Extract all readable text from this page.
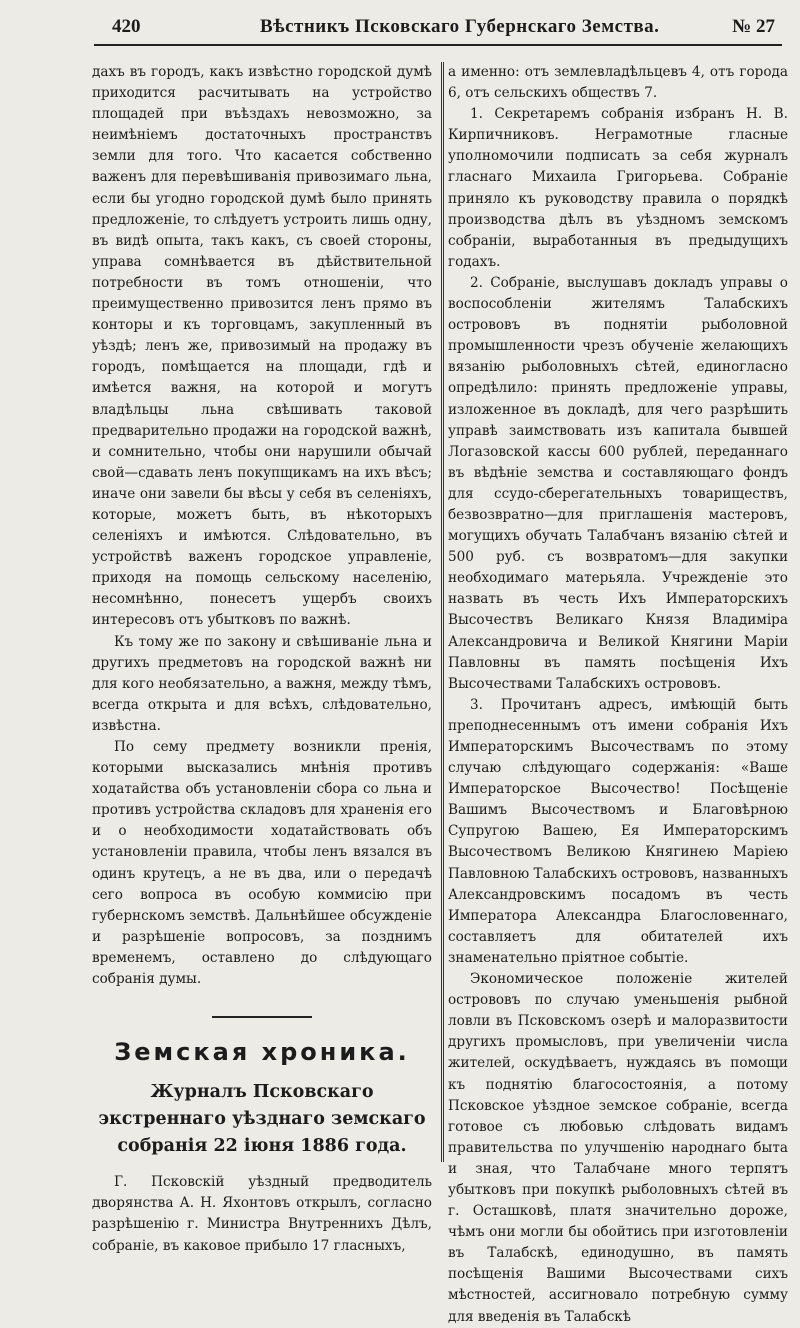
420	Вѣстникъ Псковскаго Губернскаго Земства.	№ 27

дахъ въ городъ, какъ извѣстно городской думѣ приходится расчитывать на устройство площадей при въѣздахъ невозможно, за неимѣніемъ достаточныхъ пространствъ земли для того. Что касается собственно важенъ для перевѣшиванія привозимаго льна, если бы угодно городской думѣ было принять предложеніе, то слѣдуетъ устроить лишь одну, въ видѣ опыта, такъ какъ, съ своей стороны, управа сомнѣвается въ дѣйствительной потребности въ томъ отношеніи, что преимущественно привозится ленъ прямо въ конторы и къ торговцамъ, закупленный въ уѣздѣ; ленъ же, привозимый на продажу въ городъ, помѣщается на площади, гдѣ и имѣется важня, на которой и могутъ владѣльцы льна свѣшивать таковой предварительно продажи на городской важнѣ, и сомнительно, чтобы они нарушили обычай свой—сдавать ленъ покупщикамъ на ихъ вѣсъ; иначе они завели бы вѣсы у себя въ селеніяхъ, которые, можетъ быть, въ нѣкоторыхъ селеніяхъ и имѣются. Слѣдовательно, въ устройствѣ важенъ городское управленіе, приходя на помощь сельскому населенію, несомнѣнно, понесетъ ущербъ своихъ интересовъ отъ убытковъ по важнѣ.

Къ тому же по закону и свѣшиваніе льна и другихъ предметовъ на городской важнѣ ни для кого необязательно, а важня, между тѣмъ, всегда открыта и для всѣхъ, слѣдовательно, извѣстна.

По сему предмету возникли пренія, которыми высказались мнѣнія противъ ходатайства объ установленіи сбора со льна и противъ устройства складовъ для храненія его и о необходимости ходатайствовать объ установленіи правила, чтобы ленъ вязался въ одинъ крутецъ, а не въ два, или о передачѣ сего вопроса въ особую коммисію при губернскомъ земствѣ. Дальнѣйшее обсужденіе и разрѣшеніе вопросовъ, за позднимъ временемъ, оставлено до слѣдующаго собранія думы.

Земская хроника.
Журналъ Псковскаго экстреннаго уѣзднаго земскаго собранія 22 іюня 1886 года.

Г. Псковскій уѣздный предводитель дворянства А. Н. Яхонтовъ открылъ, согласно разрѣшенію г. Министра Внутреннихъ Дѣлъ, собраніе, въ каковое прибыло 17 гласныхъ,

а именно: отъ землевладѣльцевъ 4, отъ города 6, отъ сельскихъ обществъ 7.

1. Секретаремъ собранія избранъ Н. В. Кирпичниковъ. Неграмотные гласные уполномочили подписать за себя журналъ гласнаго Михаила Григорьева. Собраніе приняло къ руководству правила о порядкѣ производства дѣлъ въ уѣздномъ земскомъ собраніи, выработанныя въ предыдущихъ годахъ.

2. Собраніе, выслушавъ докладъ управы о воспособленіи жителямъ Талабскихъ острововъ въ поднятіи рыболовной промышленности чрезъ обученіе желающихъ вязанію рыболовныхъ сѣтей, единогласно опредѣлило: принять предложеніе управы, изложенное въ докладѣ, для чего разрѣшить управѣ заимствовать изъ капитала бывшей Логазовской кассы 600 рублей, переданнаго въ вѣдѣніе земства и составляющаго фондъ для ссудо-сберегательныхъ товариществъ, безвозвратно—для приглашенія мастеровъ, могущихъ обучать Талабчанъ вязанію сѣтей и 500 руб. съ возвратомъ—для закупки необходимаго матерьяла. Учрежденіе это назвать въ честь Ихъ Императорскихъ Высочествъ Великаго Князя Владиміра Александровича и Великой Княгини Маріи Павловны въ память посѣщенія Ихъ Высочествами Талабскихъ острововъ.

3. Прочитанъ адресъ, имѣющій быть преподнесеннымъ отъ имени собранія Ихъ Императорскимъ Высочествамъ по этому случаю слѣдующаго содержанія: «Ваше Императорское Высочество! Посѣщеніе Вашимъ Высочествомъ и Благовѣрною Супругою Вашею, Ея Императорскимъ Высочествомъ Великою Княгинею Маріею Павловною Талабскихъ острововъ, названныхъ Александровскимъ посадомъ въ честь Императора Александра Благословеннаго, составляетъ для обитателей ихъ знаменательно пріятное событіе.

Экономическое положеніе жителей острововъ по случаю уменьшенія рыбной ловли въ Псковскомъ озерѣ и малоразвитости другихъ промысловъ, при увеличеніи числа жителей, оскудѣваетъ, нуждаясь въ помощи къ поднятію благосостоянія, а потому Псковское уѣздное земское собраніе, всегда готовое съ любовью слѣдовать видамъ правительства по улучшенію народнаго быта и зная, что Талабчане много терпятъ убытковъ при покупкѣ рыболовныхъ сѣтей въ г. Осташковѣ, платя значительно дороже, чѣмъ они могли бы обойтись при изготовленіи въ Талабскѣ, единодушно, въ память посѣщенія Вашими Высочествами сихъ мѣстностей, ассигновало потребную сумму для введенія въ Талабскѣ
